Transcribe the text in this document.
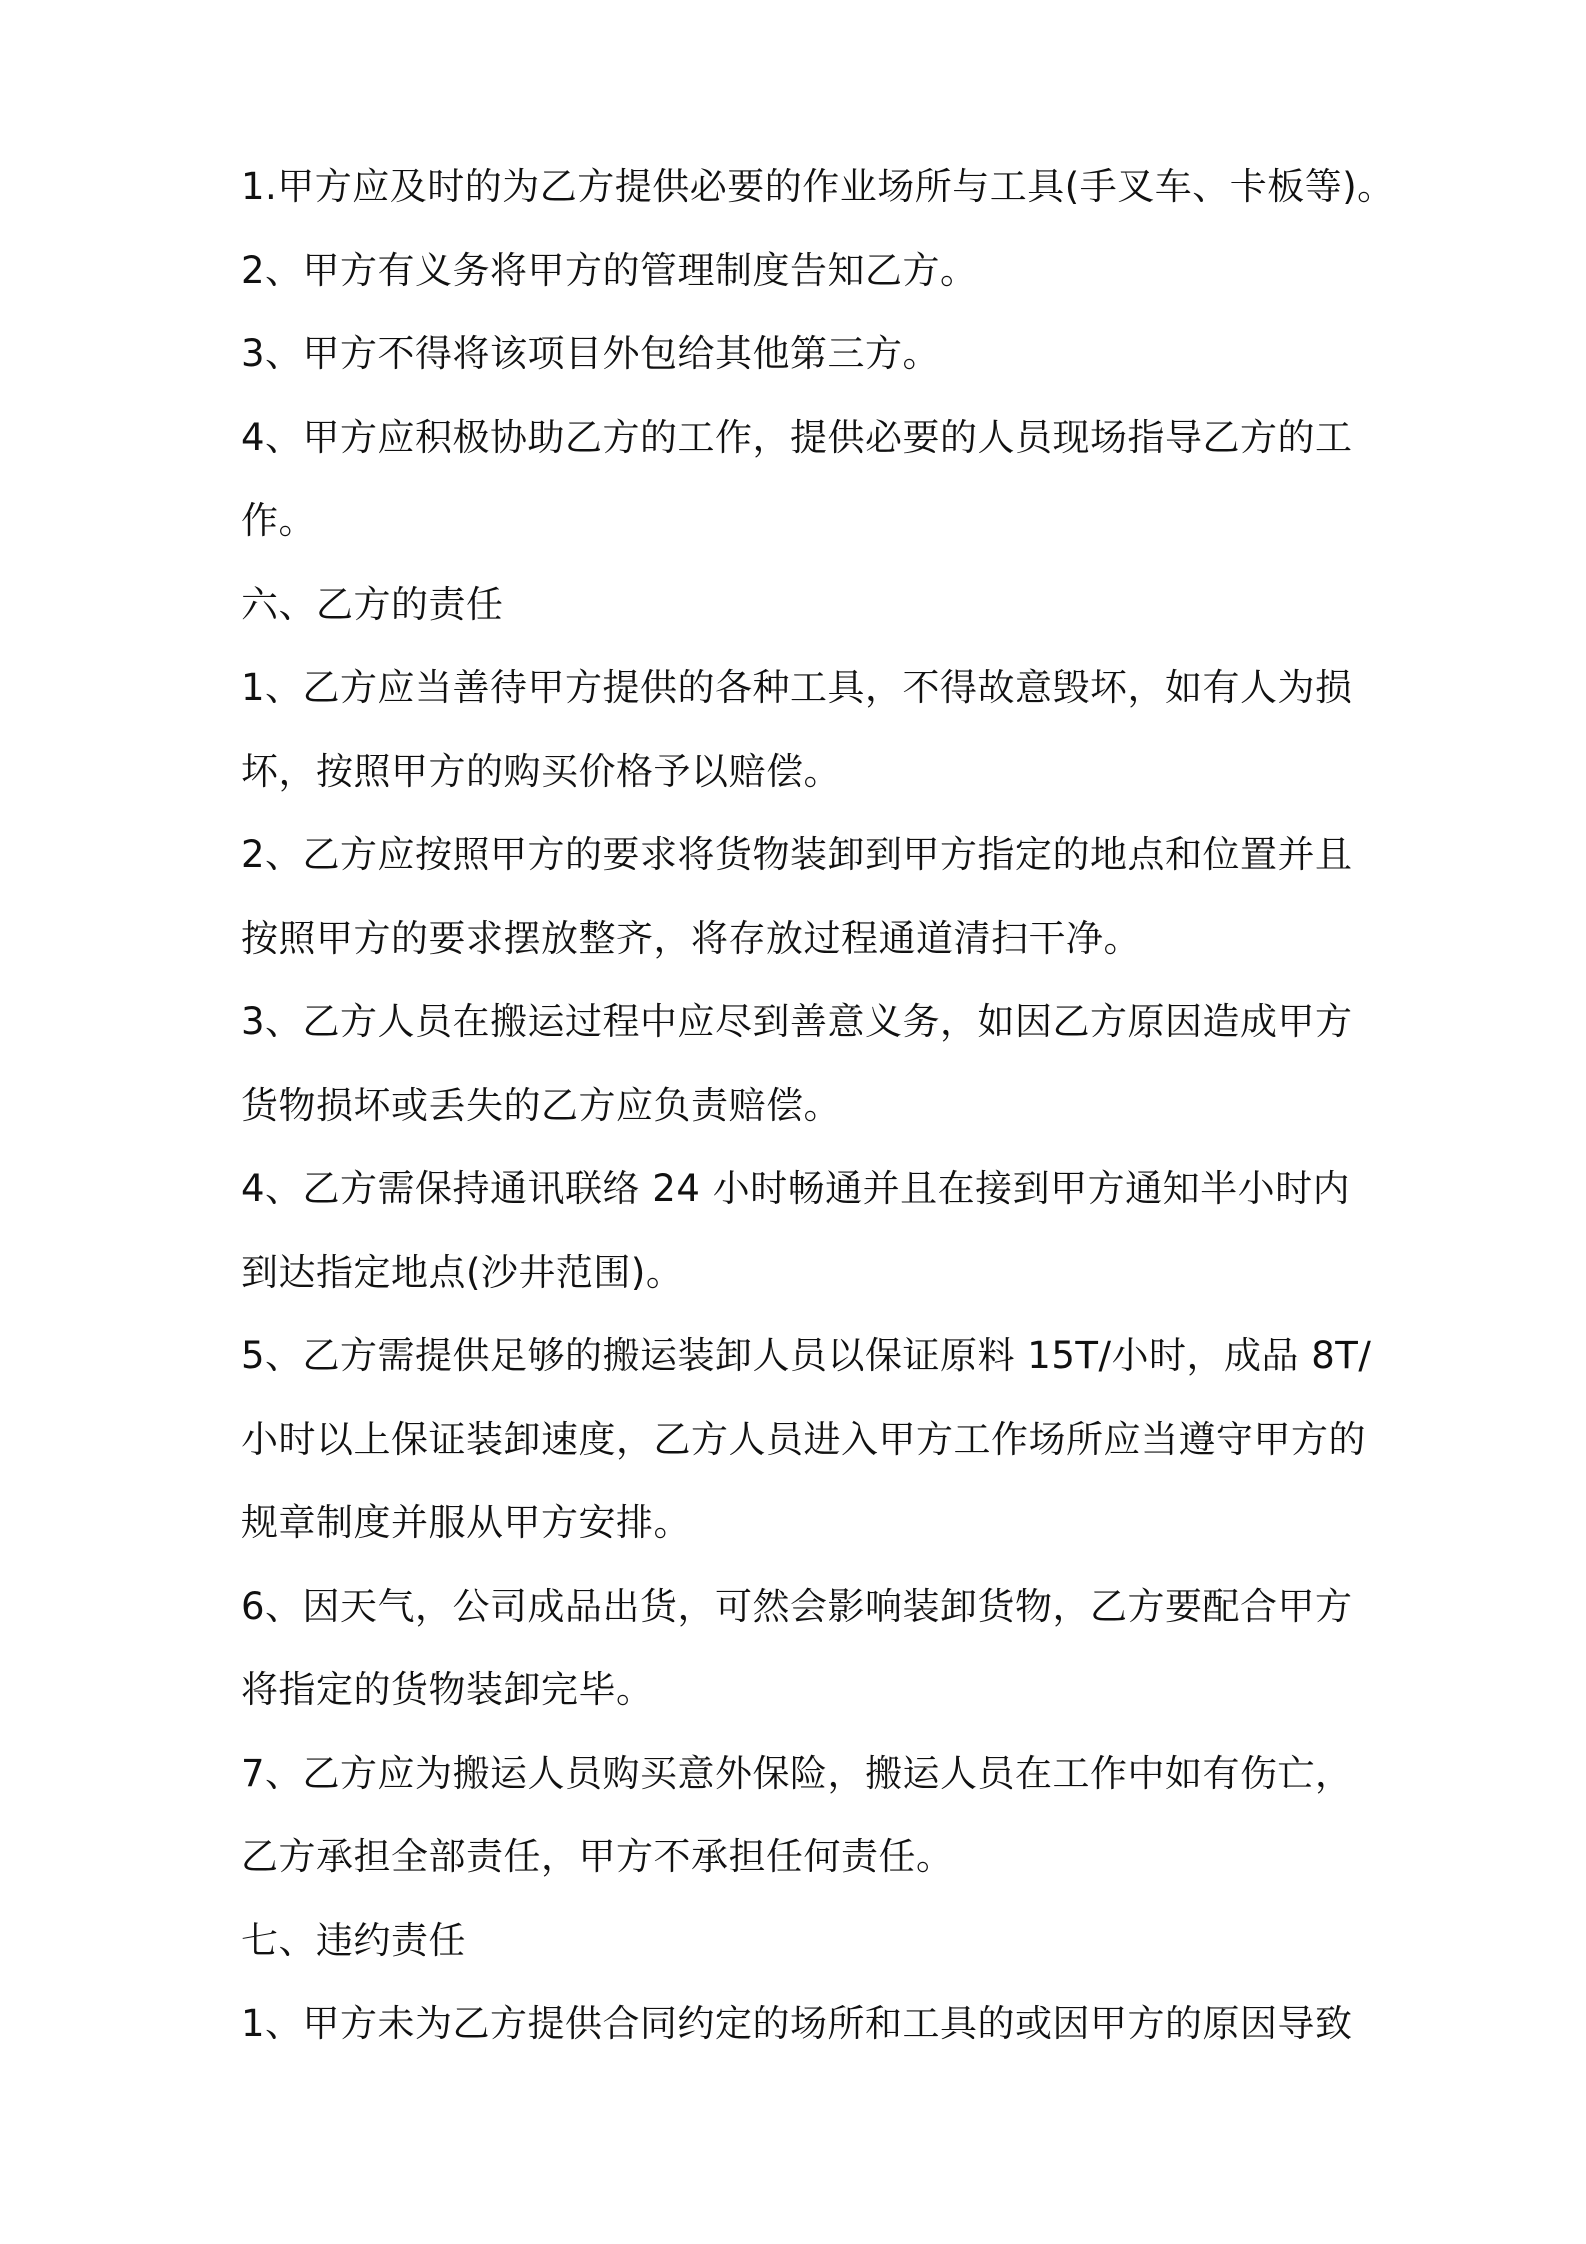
1.甲方应及时的为乙方提供必要的作业场所与工具(手叉车、卡板等)。
2、甲方有义务将甲方的管理制度告知乙方。
3、甲方不得将该项目外包给其他第三方。
4、甲方应积极协助乙方的工作，提供必要的人员现场指导乙方的工
作。
六、乙方的责任
1、乙方应当善待甲方提供的各种工具，不得故意毁坏，如有人为损
坏，按照甲方的购买价格予以赔偿。
2、乙方应按照甲方的要求将货物装卸到甲方指定的地点和位置并且
按照甲方的要求摆放整齐，将存放过程通道清扫干净。
3、乙方人员在搬运过程中应尽到善意义务，如因乙方原因造成甲方
货物损坏或丢失的乙方应负责赔偿。
4、乙方需保持通讯联络 24 小时畅通并且在接到甲方通知半小时内
到达指定地点(沙井范围)。
5、乙方需提供足够的搬运装卸人员以保证原料 15T/小时，成品 8T/
小时以上保证装卸速度，乙方人员进入甲方工作场所应当遵守甲方的
规章制度并服从甲方安排。
6、因天气，公司成品出货，可然会影响装卸货物，乙方要配合甲方
将指定的货物装卸完毕。
7、乙方应为搬运人员购买意外保险，搬运人员在工作中如有伤亡，
乙方承担全部责任，甲方不承担任何责任。
七、违约责任
1、甲方未为乙方提供合同约定的场所和工具的或因甲方的原因导致
